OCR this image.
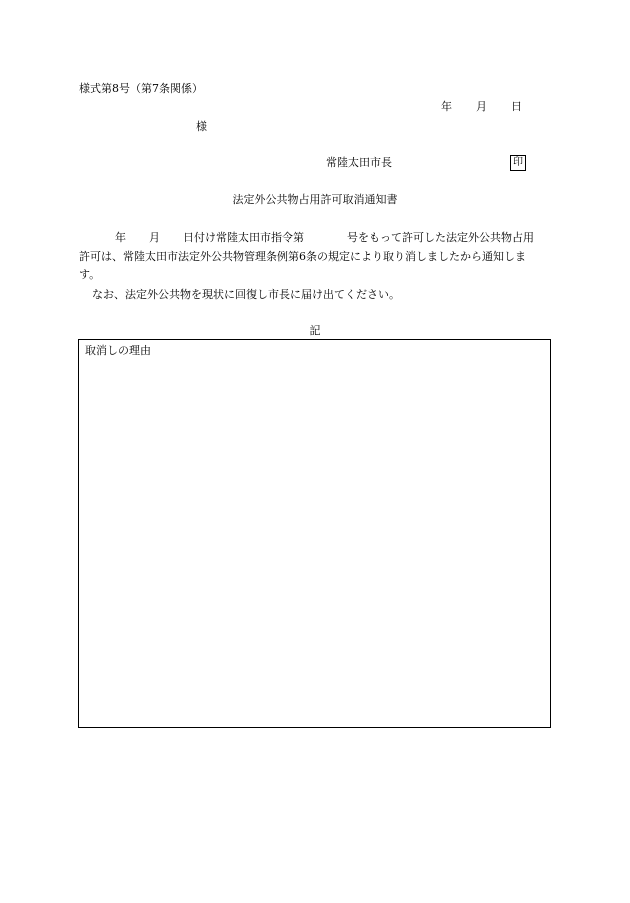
様式第8号（第7条関係）
年 月 日
様
常陸太田市長	印
法定外公共物占用許可取消通知書
年 月 日付け常陸太田市指令第	号をもって許可した法定外公共物占用
許可は、常陸太田市法定外公共物管理条例第6条の規定により取り消しましたから通知しま
す。
なお、法定外公共物を現状に回復し市長に届け出てください。
記
取消しの理由
